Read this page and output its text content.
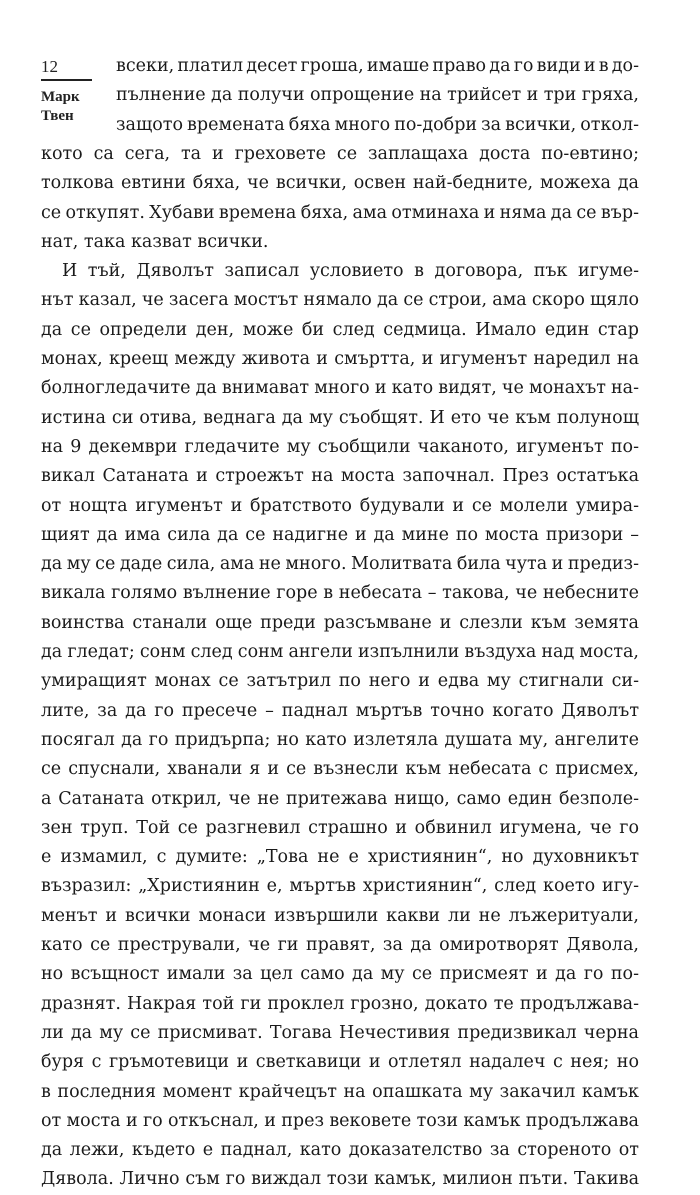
12
Марк
Твен
всеки, платил десет гроша, имаше право да го види и в до-
пълнение да получи опрощение на трийсет и три гряха,
защото времената бяха много по-добри за всички, откол-
кото са сега, та и греховете се заплащаха доста по-евтино;
толкова евтини бяха, че всички, освен най-бедните, можеха да
се откупят. Хубави времена бяха, ама отминаха и няма да се вър-
нат, така казват всички.
И тъй, Дяволът записал условието в договора, пък игуме-
нът казал, че засега мостът нямало да се строи, ама скоро щяло
да се определи ден, може би след седмица. Имало един стар
монах, креещ между живота и смъртта, и игуменът наредил на
болногледачите да внимават много и като видят, че монахът на-
истина си отива, веднага да му съобщят. И ето че към полунощ
на 9 декември гледачите му съобщили чаканото, игуменът по-
викал Сатаната и строежът на моста започнал. През остатъка
от нощта игуменът и братството будували и се молели умира-
щият да има сила да се надигне и да мине по моста призори –
да му се даде сила, ама не много. Молитвата била чута и предиз-
викала голямо вълнение горе в небесата – такова, че небесните
воинства станали още преди разсъмване и слезли към земята
да гледат; сонм след сонм ангели изпълнили въздуха над моста,
умиращият монах се затътрил по него и едва му стигнали си-
лите, за да го пресече – паднал мъртъв точно когато Дяволът
посягал да го придърпа; но като излетяла душата му, ангелите
се спуснали, хванали я и се възнесли към небесата с присмех,
а Сатаната открил, че не притежава нищо, само един безполе-
зен труп. Той се разгневил страшно и обвинил игумена, че го
е измамил, с думите: „Това не е християнин“, но духовникът
възразил: „Християнин е, мъртъв християнин“, след което игу-
менът и всички монаси извършили какви ли не лъжеритуали,
като се престрували, че ги правят, за да омиротворят Дявола,
но всъщност имали за цел само да му се присмеят и да го по-
дразнят. Накрая той ги проклел грозно, докато те продължава-
ли да му се присмиват. Тогава Нечестивия предизвикал черна
буря с гръмотевици и светкавици и отлетял надалеч с нея; но
в последния момент крайчецът на опашката му закачил камък
от моста и го откъснал, и през вековете този камък продължава
да лежи, където е паднал, като доказателство за стореното от
Дявола. Лично съм го виждал този камък, милион пъти. Такива
